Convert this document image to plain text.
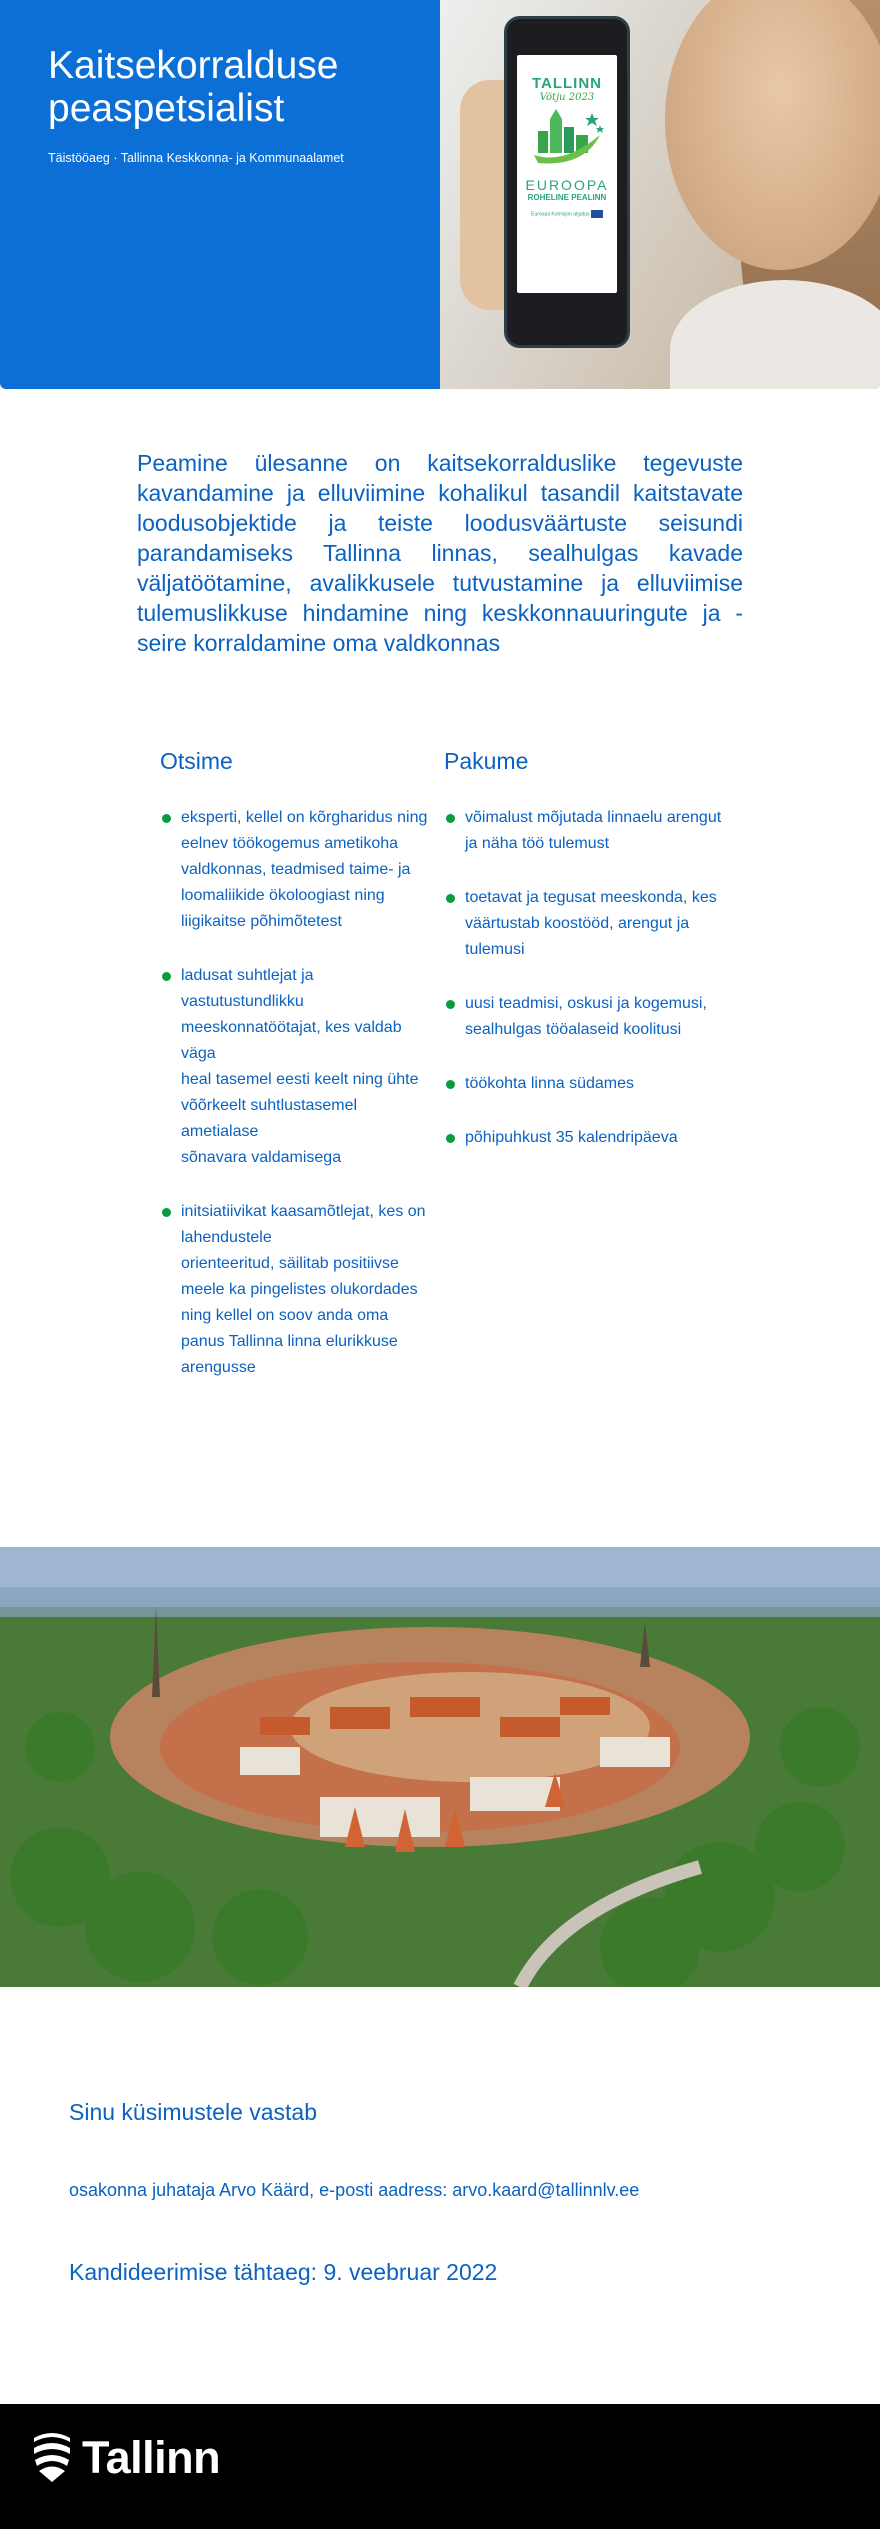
Kaitsekorralduse peaspetsialist
Täistööaeg · Tallinna Keskkonna- ja Kommunaalamet
TALLINN
Vötju 2023
EUROOPA
ROHELINE PEALINN
Euroopa Komisjon algatus
Peamine ülesanne on kaitsekorralduslike tegevuste kavandamine ja elluviimine kohalikul tasandil kaitstavate loodusobjektide ja teiste loodusväärtuste seisundi parandamiseks Tallinna linnas, sealhulgas kavade väljatöötamine, avalikkusele tutvustamine ja elluviimise tulemuslikkuse hindamine ning keskkonnauuringute ja -seire korraldamine oma valdkonnas
Otsime
eksperti, kellel on kõrgharidus ning eelnev töökogemus ametikoha valdkonnas, teadmised taime- ja loomaliikide ökoloogiast ning liigikaitse põhimõtetest
ladusat suhtlejat ja vastutustundlikku meeskonnatöötajat, kes valdab väga
heal tasemel eesti keelt ning ühte
võõrkeelt suhtlustasemel ametialase
sõnavara valdamisega
initsiatiivikat kaasamõtlejat, kes on
lahendustele
orienteeritud, säilitab positiivse meele ka pingelistes olukordades ning kellel on soov anda oma panus Tallinna linna elurikkuse arengusse
Pakume
võimalust mõjutada linnaelu arengut
ja näha töö tulemust
toetavat ja tegusat meeskonda, kes
väärtustab koostööd, arengut ja
tulemusi
uusi teadmisi, oskusi ja kogemusi,
sealhulgas tööalaseid koolitusi
töökohta linna südames
põhipuhkust 35 kalendripäeva
Sinu küsimustele vastab
osakonna juhataja Arvo Käärd, e-posti aadress: arvo.kaard@tallinnlv.ee
Kandideerimise tähtaeg: 9. veebruar 2022
Tallinn
